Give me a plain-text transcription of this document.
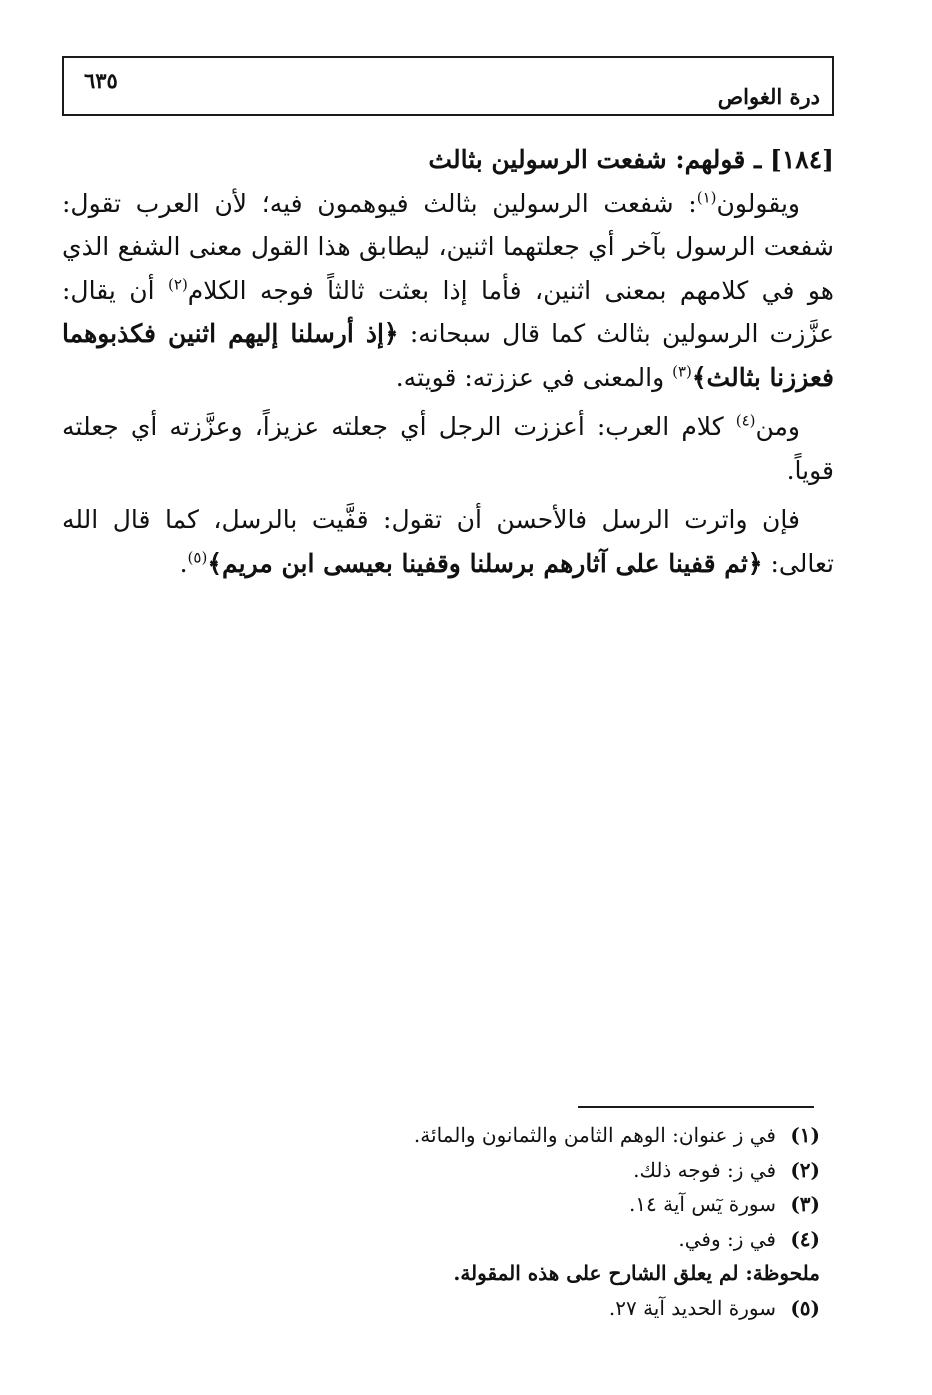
درة الغواص
٦٣٥

[١٨٤] ـ قولهم: شفعت الرسولين بثالث

ويقولون$^{(١)}$: شفعت الرسولين بثالث فيوهمون فيه؛ لأن العرب تقول: شفعت الرسول بآخر أي جعلتهما اثنين، ليطابق هذا القول معنى الشفع الذي هو في كلامهم بمعنى اثنين، فأما إذا بعثت ثالثاً فوجه الكلام$^{(٢)}$ أن يقال: عزَّزت الرسولين بثالث كما قال سبحانه: ﴿إذ أرسلنا إليهم اثنين فكذبوهما فعززنا بثالث﴾$^{(٣)}$ والمعنى في عززته: قويته.

ومن$^{(٤)}$ كلام العرب: أعززت الرجل أي جعلته عزيزاً، وعزَّزته أي جعلته قوياً.

فإن واترت الرسل فالأحسن أن تقول: قفَّيت بالرسل، كما قال الله تعالى: ﴿ثم قفينا على آثارهم برسلنا وقفينا بعيسى ابن مريم﴾$^{(٥)}$.

(١)في ز عنوان: الوهم الثامن والثمانون والمائة.

(٢)في ز: فوجه ذلك.

(٣)سورة يٓس آية ١٤.

(٤)في ز: وفي.

ملحوظة: لم يعلق الشارح على هذه المقولة.

(٥)سورة الحديد آية ٢٧.
